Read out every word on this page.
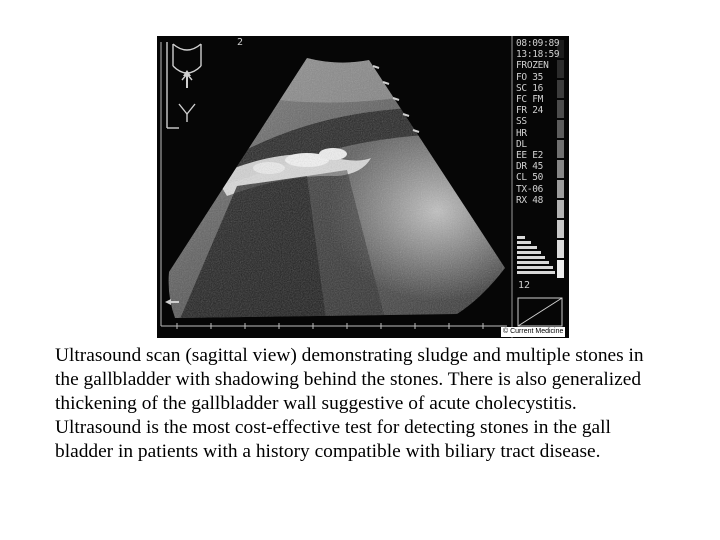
2
12
08:09:89
13:18:59
FROZEN
FO 35
SC 16
FC FM
FR 24
SS
HR
DL
EE E2
DR 45
CL 50
TX-06
RX 48
© Current Medicine
Ultrasound scan (sagittal view) demonstrating sludge and multiple stones in the gallbladder with shadowing behind the stones. There is also generalized thickening of the gallbladder wall suggestive of acute cholecystitis. Ultrasound is the most cost-effective test for detecting stones in the gall bladder in patients with a history compatible with biliary tract disease.
